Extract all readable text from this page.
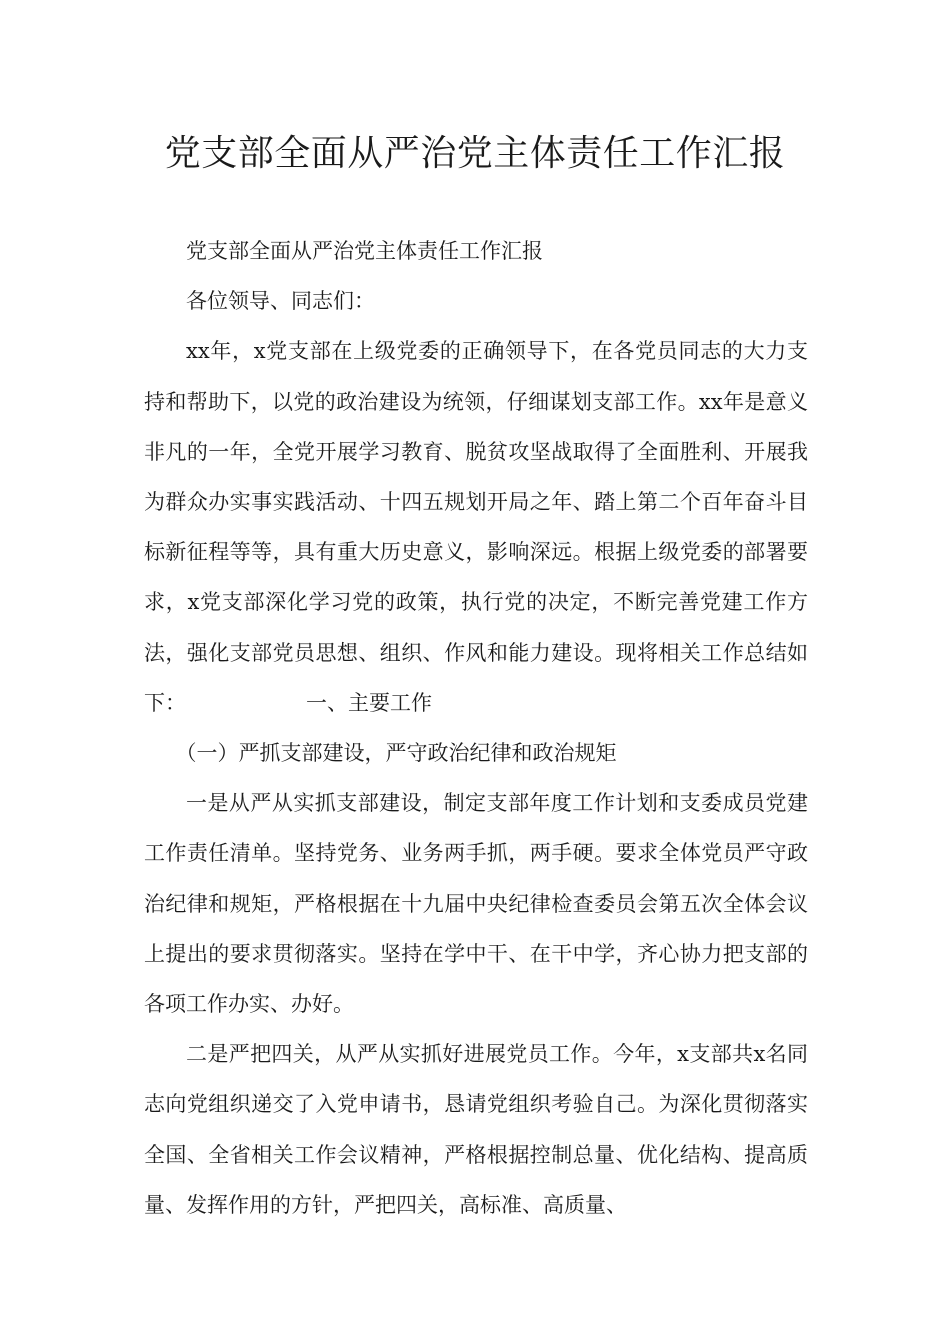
党支部全面从严治党主体责任工作汇报

党支部全面从严治党主体责任工作汇报

各位领导、同志们：

xx年，x党支部在上级党委的正确领导下，在各党员同志的大力支持和帮助下，以党的政治建设为统领，仔细谋划支部工作。xx年是意义非凡的一年，全党开展学习教育、脱贫攻坚战取得了全面胜利、开展我为群众办实事实践活动、十四五规划开局之年、踏上第二个百年奋斗目标新征程等等，具有重大历史意义，影响深远。根据上级党委的部署要求，x党支部深化学习党的政策，执行党的决定，不断完善党建工作方法，强化支部党员思想、组织、作风和能力建设。现将相关工作总结如下：	一、主要工作

（一）严抓支部建设，严守政治纪律和政治规矩

一是从严从实抓支部建设，制定支部年度工作计划和支委成员党建工作责任清单。坚持党务、业务两手抓，两手硬。要求全体党员严守政治纪律和规矩，严格根据在十九届中央纪律检查委员会第五次全体会议上提出的要求贯彻落实。坚持在学中干、在干中学，齐心协力把支部的各项工作办实、办好。

二是严把四关，从严从实抓好进展党员工作。今年，x支部共x名同志向党组织递交了入党申请书，恳请党组织考验自己。为深化贯彻落实全国、全省相关工作会议精神，严格根据控制总量、优化结构、提高质量、发挥作用的方针，严把四关，高标准、高质量、
